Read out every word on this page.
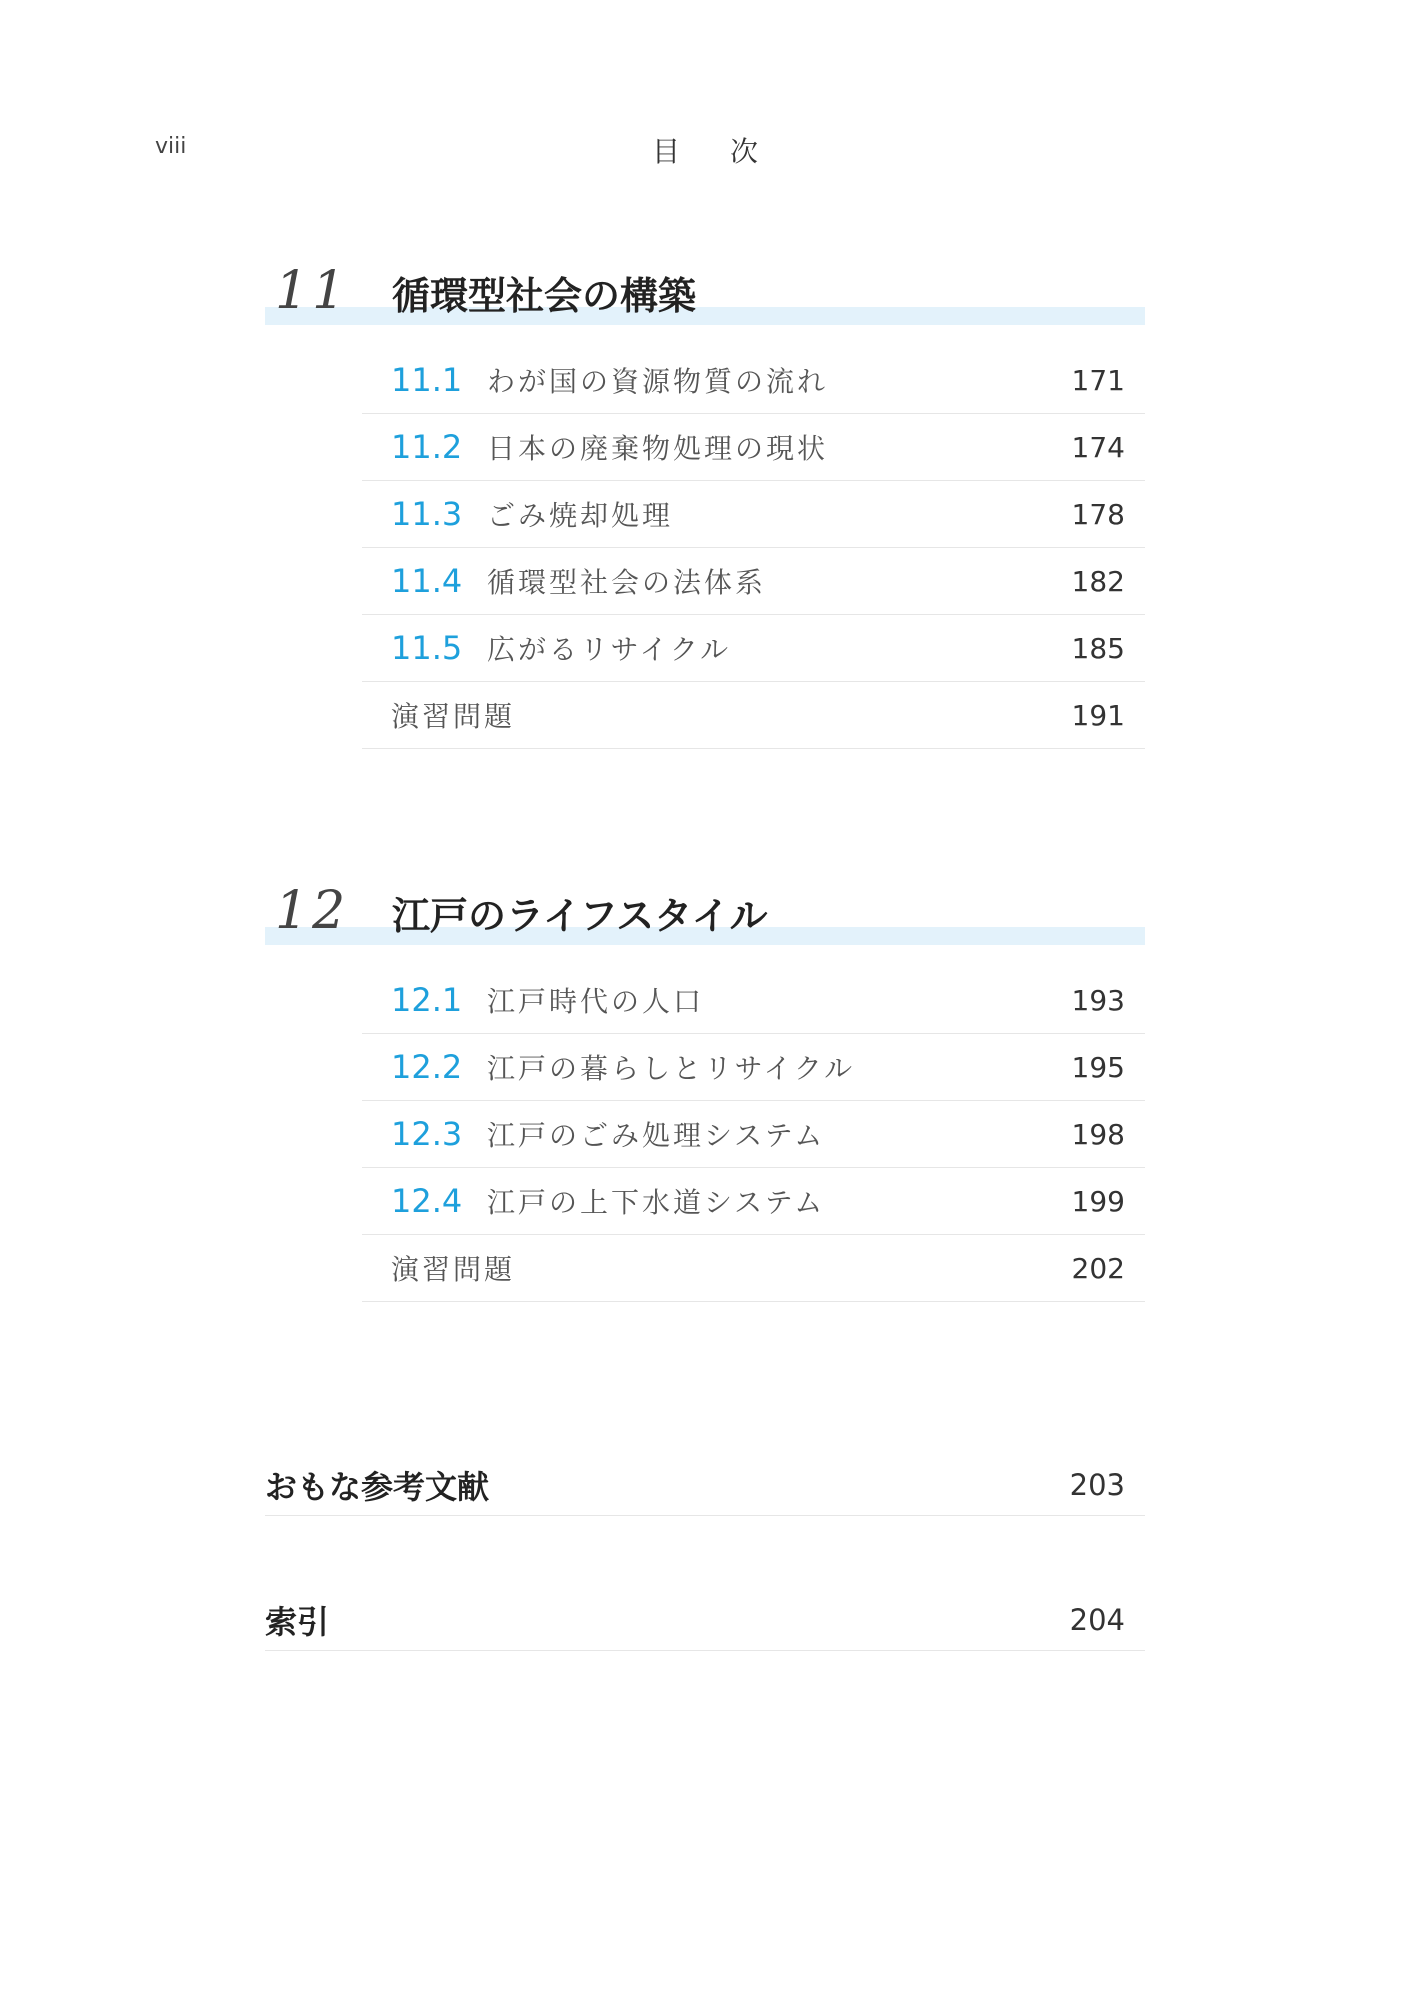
viii	目次
11 循環型社会の構築
11.1 わが国の資源物質の流れ	171
11.2 日本の廃棄物処理の現状	174
11.3 ごみ焼却処理	178
11.4 循環型社会の法体系	182
11.5 広がるリサイクル	185
演習問題	191
12 江戸のライフスタイル
12.1 江戸時代の人口	193
12.2 江戸の暮らしとリサイクル	195
12.3 江戸のごみ処理システム	198
12.4 江戸の上下水道システム	199
演習問題	202
おもな参考文献	203
索引	204
